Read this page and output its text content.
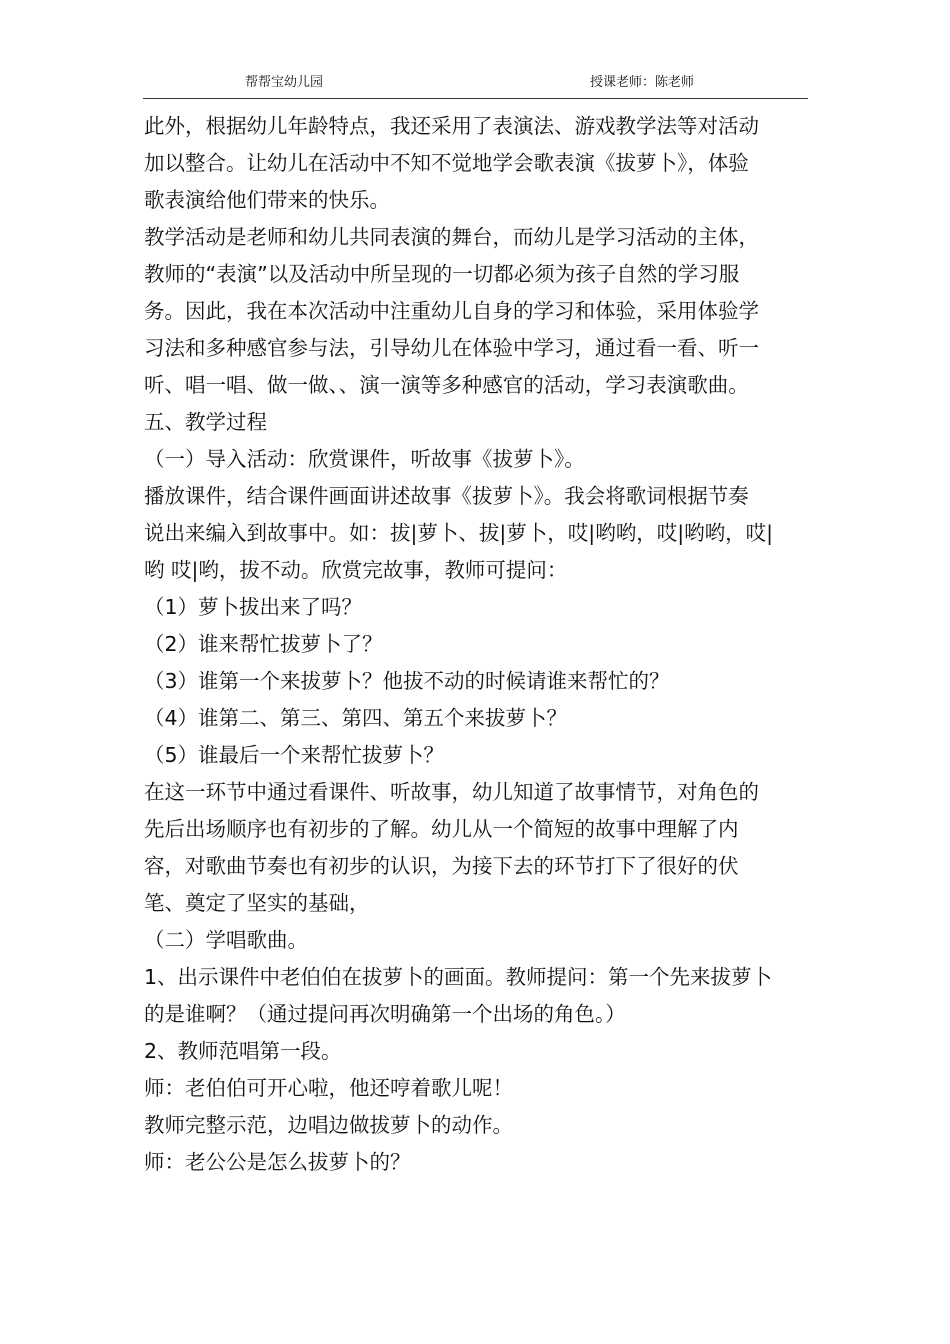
帮帮宝幼儿园	授课老师：陈老师
此外，根据幼儿年龄特点，我还采用了表演法、游戏教学法等对活动
加以整合。让幼儿在活动中不知不觉地学会歌表演《拔萝卜》，体验
歌表演给他们带来的快乐。
教学活动是老师和幼儿共同表演的舞台，而幼儿是学习活动的主体，
教师的“表演”以及活动中所呈现的一切都必须为孩子自然的学习服
务。因此，我在本次活动中注重幼儿自身的学习和体验，采用体验学
习法和多种感官参与法，引导幼儿在体验中学习，通过看一看、听一
听、唱一唱、做一做、、演一演等多种感官的活动，学习表演歌曲。
五、教学过程
（一）导入活动：欣赏课件，听故事《拔萝卜》。
播放课件，结合课件画面讲述故事《拔萝卜》。我会将歌词根据节奏
说出来编入到故事中。如：拔|萝卜、拔|萝卜，哎|哟哟，哎|哟哟，哎|
哟 哎|哟，拔不动。欣赏完故事，教师可提问：
（1）萝卜拔出来了吗？
（2）谁来帮忙拔萝卜了？
（3）谁第一个来拔萝卜？他拔不动的时候请谁来帮忙的？
（4）谁第二、第三、第四、第五个来拔萝卜？
（5）谁最后一个来帮忙拔萝卜？
在这一环节中通过看课件、听故事，幼儿知道了故事情节，对角色的
先后出场顺序也有初步的了解。幼儿从一个简短的故事中理解了内
容，对歌曲节奏也有初步的认识，为接下去的环节打下了很好的伏
笔、奠定了坚实的基础，
（二）学唱歌曲。
1、出示课件中老伯伯在拔萝卜的画面。教师提问：第一个先来拔萝卜
的是谁啊？（通过提问再次明确第一个出场的角色。）
2、教师范唱第一段。
师：老伯伯可开心啦，他还哼着歌儿呢！
教师完整示范，边唱边做拔萝卜的动作。
师：老公公是怎么拔萝卜的？
